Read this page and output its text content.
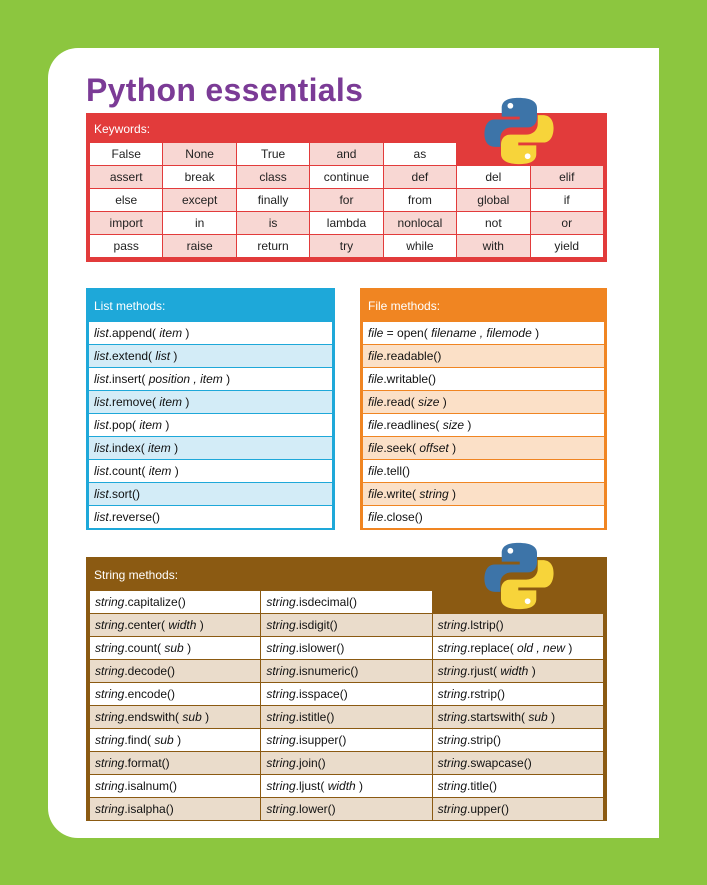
Python essentials
Keywords:
False	None	True	and	as		
assert	break	class	continue	def	del	elif
else	except	finally	for	from	global	if
import	in	is	lambda	nonlocal	not	or
pass	raise	return	try	while	with	yield
List methods:
list.append( item )
list.extend( list )
list.insert( position , item )
list.remove( item )
list.pop( item )
list.index( item )
list.count( item )
list.sort()
list.reverse()
File methods:
file = open( filename , filemode )
file.readable()
file.writable()
file.read( size )
file.readlines( size )
file.seek( offset )
file.tell()
file.write( string )
file.close()
String methods:
string.capitalize()	string.isdecimal()	
string.center( width )	string.isdigit()	string.lstrip()
string.count( sub )	string.islower()	string.replace( old , new )
string.decode()	string.isnumeric()	string.rjust( width )
string.encode()	string.isspace()	string.rstrip()
string.endswith( sub )	string.istitle()	string.startswith( sub )
string.find( sub )	string.isupper()	string.strip()
string.format()	string.join()	string.swapcase()
string.isalnum()	string.ljust( width )	string.title()
string.isalpha()	string.lower()	string.upper()
